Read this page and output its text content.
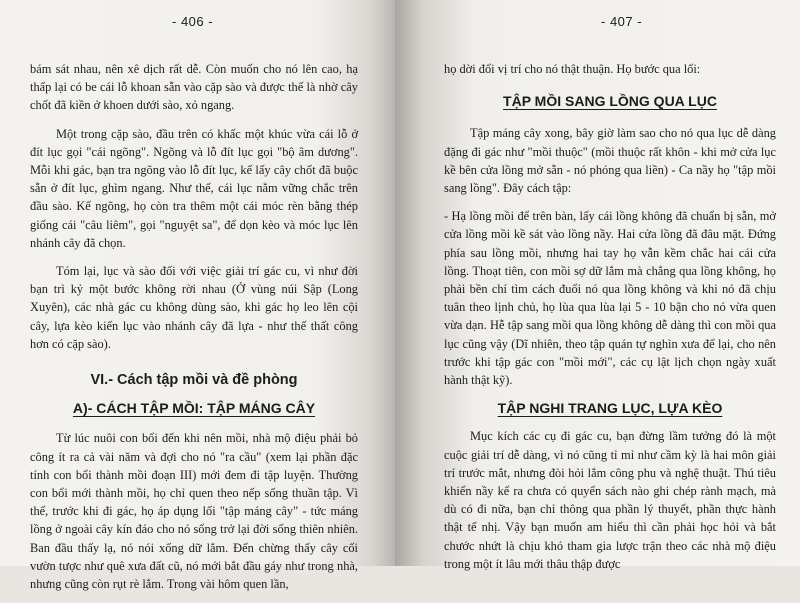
- 406 -

bám sát nhau, nên xê dịch rất dễ. Còn muốn cho nó lên cao, hạ thấp lại có be cái lỗ khoan sẵn vào cặp sào và được thế là nhờ cây chốt đã kiền ở khoen dưới sào, xỏ ngang.

Một trong cặp sào, đầu trên có khấc một khúc vừa cái lỗ ở đít lục gọi "cái ngõng". Ngõng và lỗ đít lục gọi "bộ âm dương". Mỗi khi gác, bạn tra ngõng vào lỗ đít lục, kế lấy cây chốt đã buộc sẵn ở đít lục, ghìm ngang. Như thế, cái lục nằm vững chắc trên đầu sào. Kế ngõng, họ còn tra thêm một cái móc rèn bằng thép giống cái "câu liêm", gọi "nguyệt sa", để dọn kèo và móc lục lên nhánh cây đã chọn.

Tóm lại, lục và sào đối với việc giải trí gác cu, vì như đời bạn trì kỷ một bước không rời nhau (Ở vùng núi Sập (Long Xuyên), các nhà gác cu không dùng sào, khi gác họ leo lên cội cây, lựa kèo kiến lục vào nhánh cây đã lựa - như thế thất công hơn có cặp sào).

VI.- Cách tập mồi và đề phòng
A)- CÁCH TẬP MỒI: TẬP MÁNG CÂY

Từ lúc nuôi con bổi đến khi nên mồi, nhà mộ điệu phải bỏ công ít ra cả vài năm và đợi cho nó "ra cầu" (xem lại phần đặc tính con bổi thành mồi đoạn III) mới đem đi tập luyện. Thường con bổi mới thành mồi, họ chỉ quen theo nếp sống thuần tập. Vì thế, trước khi đi gác, họ áp dụng lối "tập máng cây" - tức máng lồng ở ngoài cây kín đáo cho nó sống trở lại đời sống thiên nhiên. Ban đầu thấy lạ, nó nói xống dữ lắm. Đến chừng thấy cây cối vườn tược như quê xưa đất cũ, nó mới bắt đầu gáy như trong nhà, nhưng cũng còn rụt rè lắm. Trong vài hôm quen lần,

- 407 -

họ dời đổi vị trí cho nó thật thuận. Họ bước qua lối:

TẬP MỒI SANG LỒNG QUA LỤC

Tập máng cây xong, bây giờ làm sao cho nó qua lục dễ dàng đặng đi gác như "mồi thuộc" (mồi thuộc rất khôn - khi mở cửa lục kề bên cửa lồng mở sẵn - nó phóng qua liền) - Ca nầy họ "tập mồi sang lồng". Đây cách tập:

- Hạ lồng mồi để trên bàn, lấy cái lồng không đã chuẩn bị sẵn, mở cửa lồng mồi kề sát vào lồng nầy. Hai cửa lồng đã đâu mặt. Đứng phía sau lồng mồi, nhưng hai tay họ vẫn kềm chắc hai cái cửa lồng. Thoạt tiên, con mồi sợ dữ lắm mà chẳng qua lồng không, họ phải bền chí tìm cách đuổi nó qua lồng không và khi nó đã chịu tuân theo lịnh chủ, họ lùa qua lùa lại 5 - 10 bận cho nó vừa quen vừa dạn. Hễ tập sang mồi qua lồng không dễ dàng thì con mồi qua lục cũng vậy (Dĩ nhiên, theo tập quán tự nghìn xưa để lại, cho nên trước khi tập gác con "mồi mới", các cụ lật lịch chọn ngày xuất hành thật kỹ).

TẬP NGHI TRANG LỤC, LỰA KÈO

Mục kích các cụ đi gác cu, bạn đừng lầm tưởng đó là một cuộc giải trí dễ dàng, vì nó cũng tỉ mỉ như cầm kỳ là hai môn giải trí trước mắt, nhưng đòi hỏi lắm công phu và nghệ thuật. Thú tiêu khiển nầy kể ra chưa có quyển sách nào ghi chép rành mạch, mà dù có đi nữa, bạn chỉ thông qua phần lý thuyết, phần thực hành thật tế nhị. Vậy bạn muốn am hiểu thì cần phải học hỏi và bắt chước nhứt là chịu khó tham gia lược trận theo các nhà mộ điệu trong một ít lâu mới thâu thập được
